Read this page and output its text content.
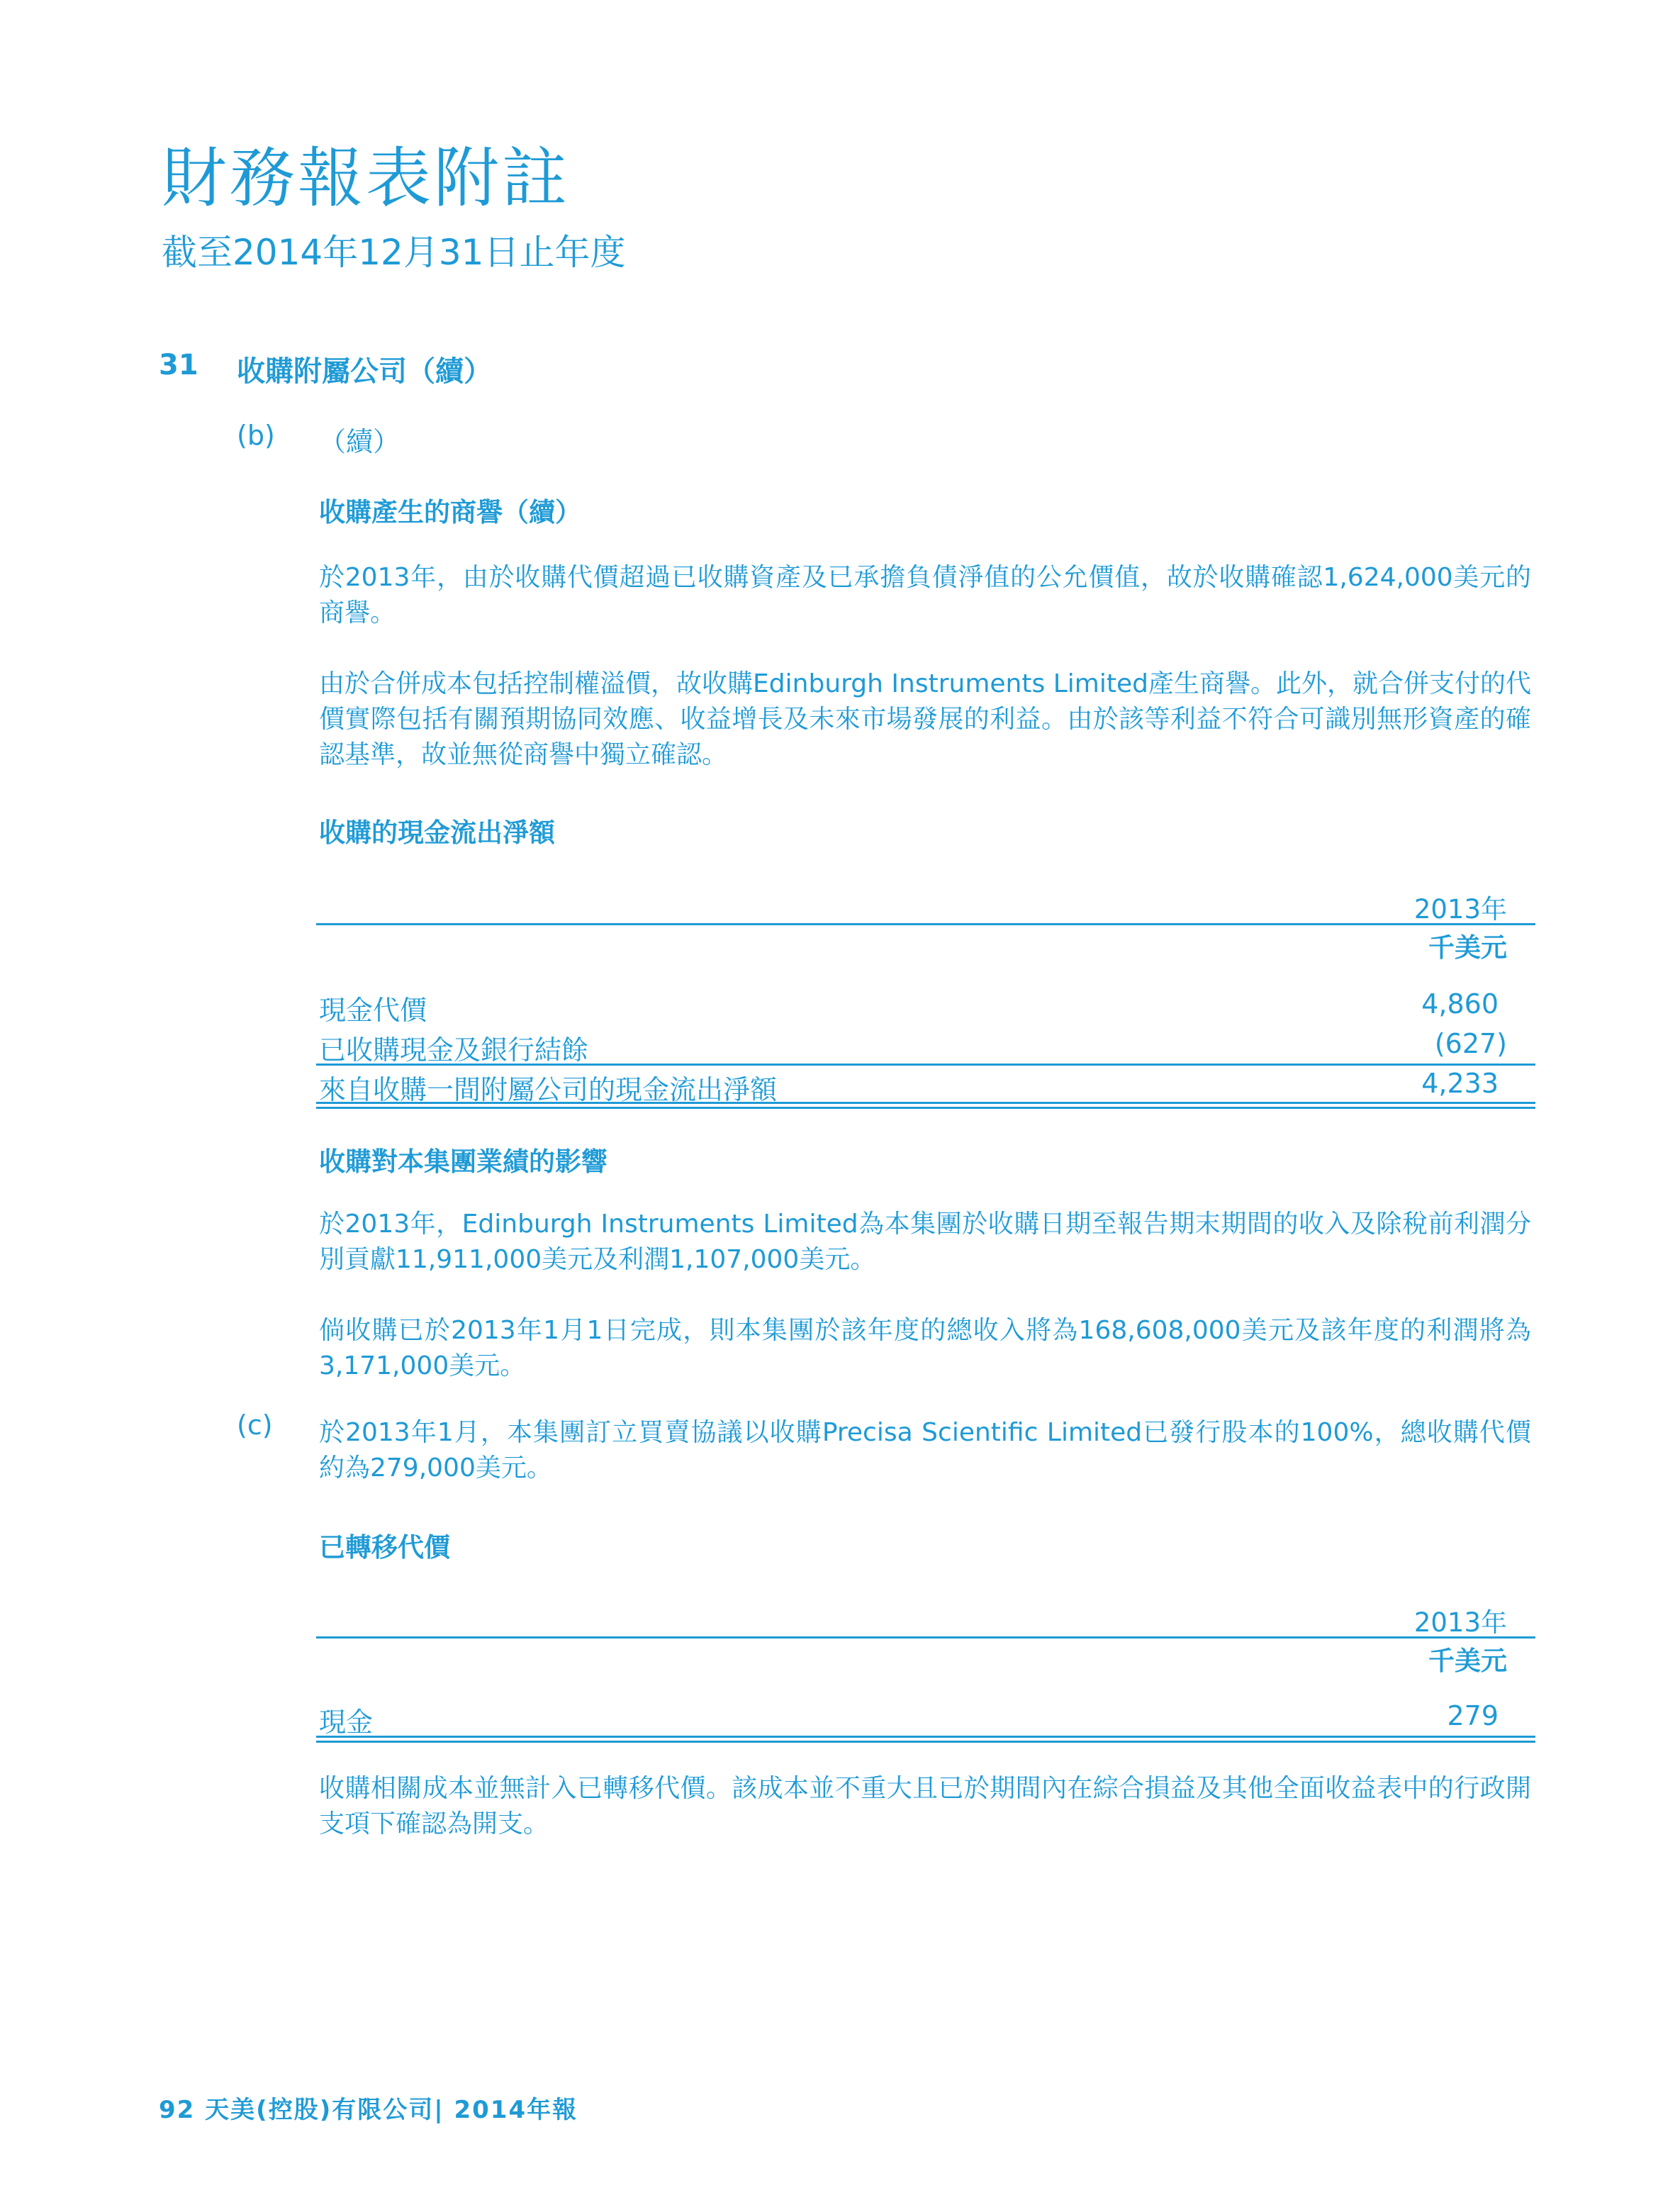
財務報表附註
截至2014年12月31日止年度
31 收購附屬公司（續）
(b) （續）
收購產生的商譽（續）
於2013年，由於收購代價超過已收購資產及已承擔負債淨值的公允價值，故於收購確認1,624,000美元的商譽。
由於合併成本包括控制權溢價，故收購Edinburgh Instruments Limited產生商譽。此外，就合併支付的代價實際包括有關預期協同效應、收益增長及未來市場發展的利益。由於該等利益不符合可識別無形資產的確認基準，故並無從商譽中獨立確認。
收購的現金流出淨額
2013年
千美元
現金代價	4,860
已收購現金及銀行結餘	(627)
來自收購一間附屬公司的現金流出淨額	4,233
收購對本集團業績的影響
於2013年，Edinburgh Instruments Limited為本集團於收購日期至報告期末期間的收入及除稅前利潤分別貢獻11,911,000美元及利潤1,107,000美元。
倘收購已於2013年1月1日完成，則本集團於該年度的總收入將為168,608,000美元及該年度的利潤將為3,171,000美元。
(c) 於2013年1月，本集團訂立買賣協議以收購Precisa Scientific Limited已發行股本的100%，總收購代價約為279,000美元。
已轉移代價
2013年
千美元
現金	279
收購相關成本並無計入已轉移代價。該成本並不重大且已於期間內在綜合損益及其他全面收益表中的行政開支項下確認為開支。
92 天美(控股)有限公司| 2014年報
